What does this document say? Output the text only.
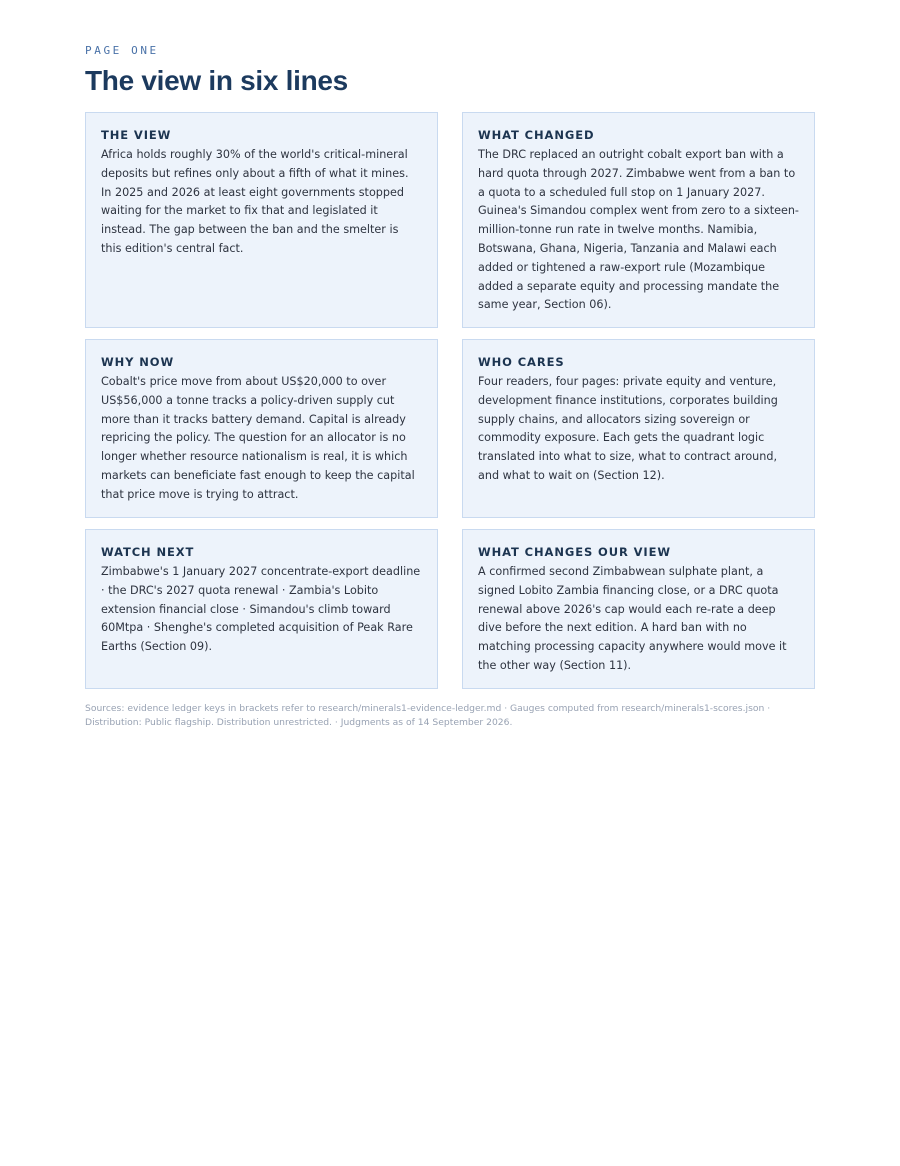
PAGE ONE
The view in six lines
THE VIEW

Africa holds roughly 30% of the world's critical-mineral deposits but refines only about a fifth of what it mines. In 2025 and 2026 at least eight governments stopped waiting for the market to fix that and legislated it instead. The gap between the ban and the smelter is this edition's central fact.

WHAT CHANGED

The DRC replaced an outright cobalt export ban with a hard quota through 2027. Zimbabwe went from a ban to a quota to a scheduled full stop on 1 January 2027. Guinea's Simandou complex went from zero to a sixteen-million-tonne run rate in twelve months. Namibia, Botswana, Ghana, Nigeria, Tanzania and Malawi each added or tightened a raw-export rule (Mozambique added a separate equity and processing mandate the same year, Section 06).

WHY NOW

Cobalt's price move from about US$20,000 to over US$56,000 a tonne tracks a policy-driven supply cut more than it tracks battery demand. Capital is already repricing the policy. The question for an allocator is no longer whether resource nationalism is real, it is which markets can beneficiate fast enough to keep the capital that price move is trying to attract.

WHO CARES

Four readers, four pages: private equity and venture, development finance institutions, corporates building supply chains, and allocators sizing sovereign or commodity exposure. Each gets the quadrant logic translated into what to size, what to contract around, and what to wait on (Section 12).

WATCH NEXT

Zimbabwe's 1 January 2027 concentrate-export deadline · the DRC's 2027 quota renewal · Zambia's Lobito extension financial close · Simandou's climb toward 60Mtpa · Shenghe's completed acquisition of Peak Rare Earths (Section 09).

WHAT CHANGES OUR VIEW

A confirmed second Zimbabwean sulphate plant, a signed Lobito Zambia financing close, or a DRC quota renewal above 2026's cap would each re-rate a deep dive before the next edition. A hard ban with no matching processing capacity anywhere would move it the other way (Section 11).

Sources: evidence ledger keys in brackets refer to research/minerals1-evidence-ledger.md · Gauges computed from research/minerals1-scores.json · Distribution: Public flagship. Distribution unrestricted. · Judgments as of 14 September 2026.
